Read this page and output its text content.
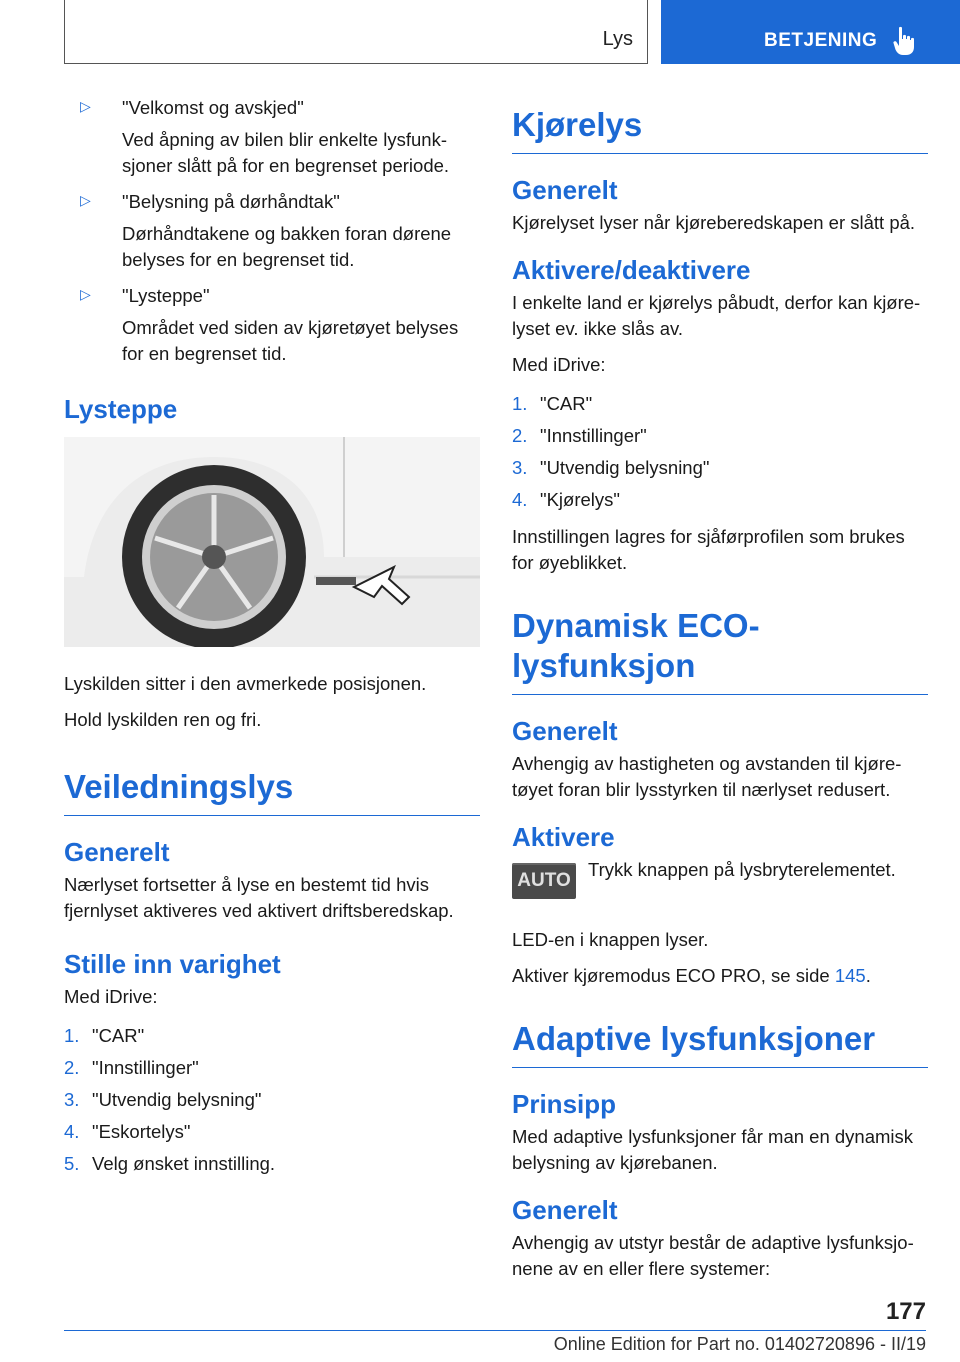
Lys	BETJENING
▷ "Velkomst og avskjed"

Ved åpning av bilen blir enkelte lysfunk-sjoner slått på for en begrenset periode.

▷ "Belysning på dørhåndtak"

Dørhåndtakene og bakken foran dørene belyses for en begrenset tid.

▷ "Lysteppe"

Området ved siden av kjøretøyet belyses for en begrenset tid.

Lysteppe

Lyskilden sitter i den avmerkede posisjonen.

Hold lyskilden ren og fri.

Veiledningslys
Generelt

Nærlyset fortsetter å lyse en bestemt tid hvis fjernlyset aktiveres ved aktivert driftsberedskap.

Stille inn varighet

Med iDrive:

1. "CAR"
2. "Innstillinger"
3. "Utvendig belysning"
4. "Eskortelys"
5. Velg ønsket innstilling.
Kjørelys
Generelt

Kjørelyset lyser når kjøreberedskapen er slått på.

Aktivere/deaktivere

I enkelte land er kjørelys påbudt, derfor kan kjøre-lyset ev. ikke slås av.

Med iDrive:

1. "CAR"
2. "Innstillinger"
3. "Utvendig belysning"
4. "Kjørelys"

Innstillingen lagres for sjåførprofilen som brukes for øyeblikket.

Dynamisk ECO-lysfunksjon
Generelt

Avhengig av hastigheten og avstanden til kjøre-tøyet foran blir lysstyrken til nærlyset redusert.

Aktivere
AUTO

Trykk knappen på lysbryterelementet.

LED-en i knappen lyser.

Aktiver kjøremodus ECO PRO, se side 145.

Adaptive lysfunksjoner
Prinsipp

Med adaptive lysfunksjoner får man en dynamisk belysning av kjørebanen.

Generelt

Avhengig av utstyr består de adaptive lysfunksjo-nene av en eller flere systemer:

177
Online Edition for Part no. 01402720896 - II/19
